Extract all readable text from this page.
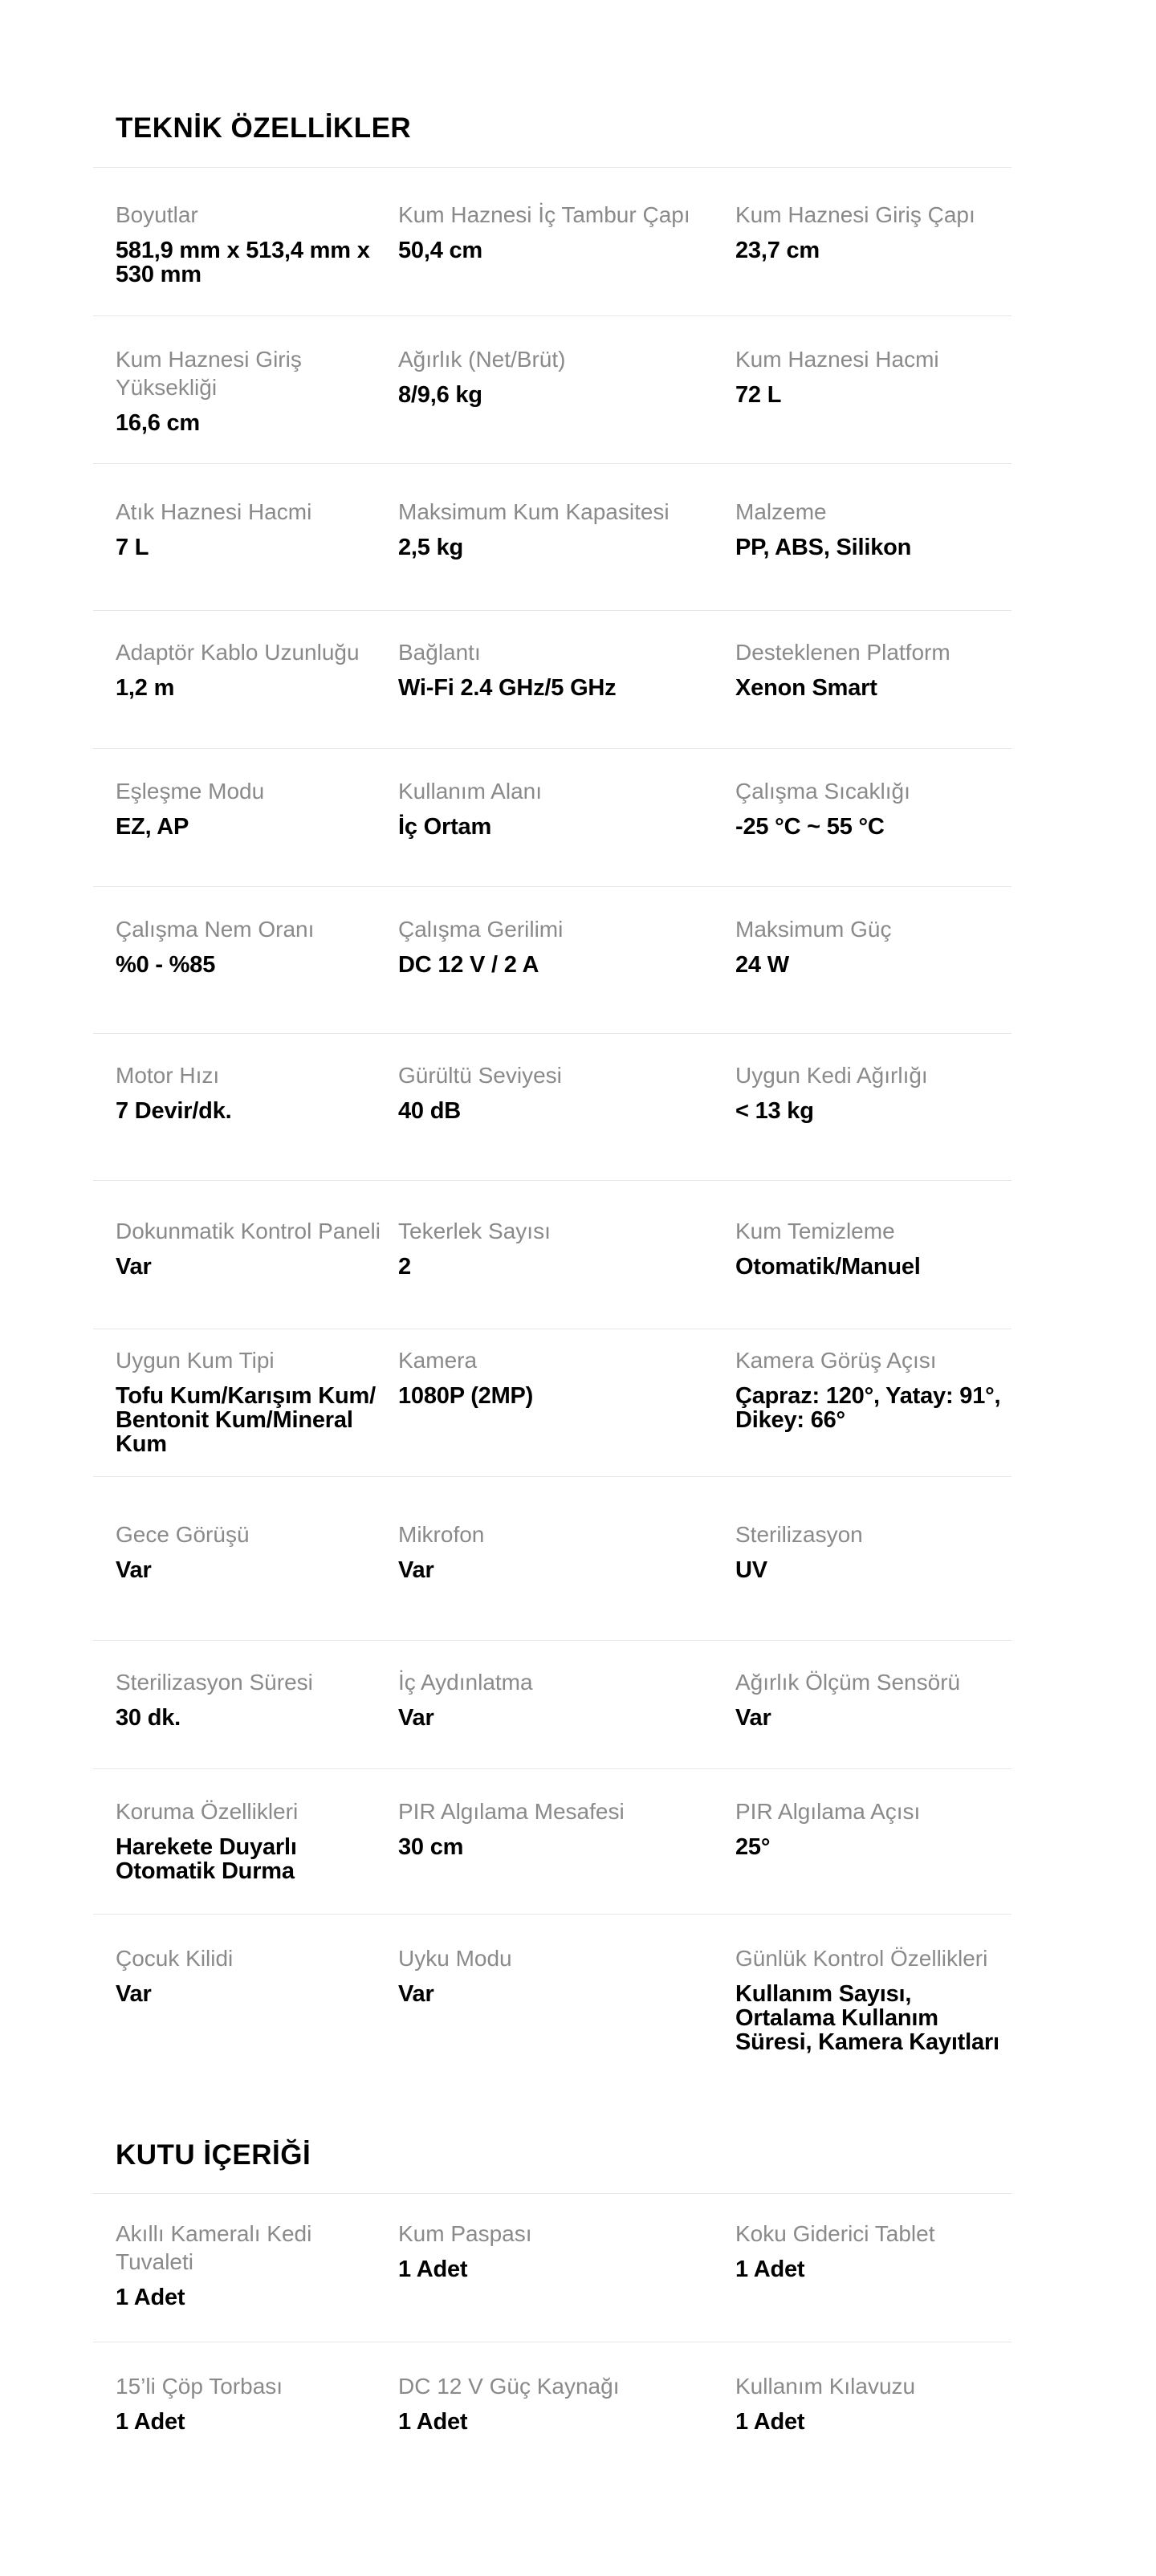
TEKNİK ÖZELLİKLER
Boyutlar
581,9 mm x 513,4 mm x 530 mm
Kum Haznesi İç Tambur Çapı
50,4 cm
Kum Haznesi Giriş Çapı
23,7 cm
Kum Haznesi Giriş Yüksekliği
16,6 cm
Ağırlık (Net/Brüt)
8/9,6 kg
Kum Haznesi Hacmi
72 L
Atık Haznesi Hacmi
7 L
Maksimum Kum Kapasitesi
2,5 kg
Malzeme
PP, ABS, Silikon
Adaptör Kablo Uzunluğu
1,2 m
Bağlantı
Wi-Fi 2.4 GHz/5 GHz
Desteklenen Platform
Xenon Smart
Eşleşme Modu
EZ, AP
Kullanım Alanı
İç Ortam
Çalışma Sıcaklığı
-25 °C ~ 55 °C
Çalışma Nem Oranı
%0 - %85
Çalışma Gerilimi
DC 12 V / 2 A
Maksimum Güç
24 W
Motor Hızı
7 Devir/dk.
Gürültü Seviyesi
40 dB
Uygun Kedi Ağırlığı
< 13 kg
Dokunmatik Kontrol Paneli
Var
Tekerlek Sayısı
2
Kum Temizleme
Otomatik/Manuel
Uygun Kum Tipi
Tofu Kum/Karışım Kum/ Bentonit Kum/Mineral Kum
Kamera
1080P (2MP)
Kamera Görüş Açısı
Çapraz: 120°, Yatay: 91°, Dikey: 66°
Gece Görüşü
Var
Mikrofon
Var
Sterilizasyon
UV
Sterilizasyon Süresi
30 dk.
İç Aydınlatma
Var
Ağırlık Ölçüm Sensörü
Var
Koruma Özellikleri
Harekete Duyarlı Otomatik Durma
PIR Algılama Mesafesi
30 cm
PIR Algılama Açısı
25°
Çocuk Kilidi
Var
Uyku Modu
Var
Günlük Kontrol Özellikleri
Kullanım Sayısı, Ortalama Kullanım Süresi, Kamera Kayıtları
KUTU İÇERİĞİ
Akıllı Kameralı Kedi Tuvaleti
1 Adet
Kum Paspası
1 Adet
Koku Giderici Tablet
1 Adet
15’li Çöp Torbası
1 Adet
DC 12 V Güç Kaynağı
1 Adet
Kullanım Kılavuzu
1 Adet
